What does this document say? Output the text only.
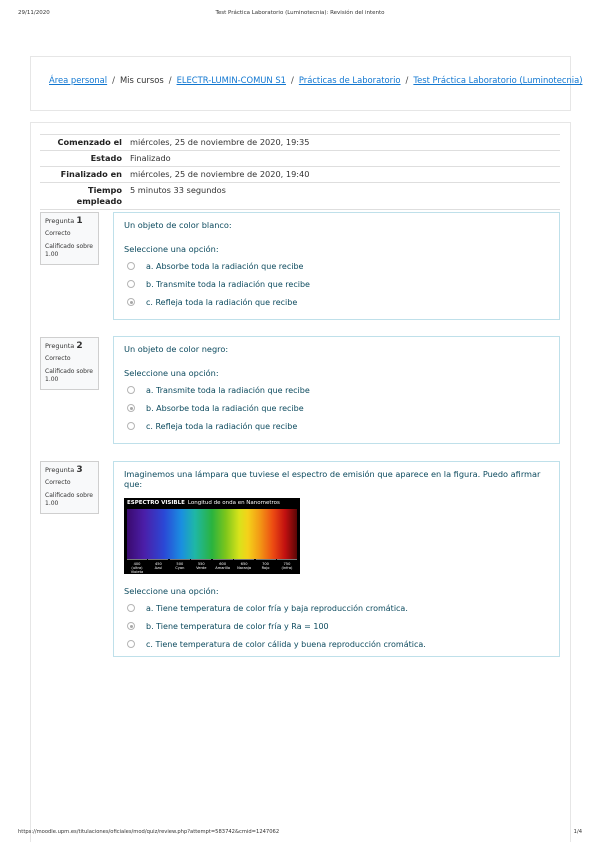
29/11/2020	Test Práctica Laboratorio (Luminotecnia): Revisión del intento
Área personal / Mis cursos / ELECTR-LUMIN-COMUN S1 / Prácticas de Laboratorio / Test Práctica Laboratorio (Luminotecnia)
Comenzado el	miércoles, 25 de noviembre de 2020, 19:35
Estado	Finalizado
Finalizado en	miércoles, 25 de noviembre de 2020, 19:40
Tiempo empleado	5 minutos 33 segundos
Pregunta 1
Correcto
Calificado sobre 1.00
Un objeto de color blanco:
Seleccione una opción:
a. Absorbe toda la radiación que recibe
b. Transmite toda la radiación que recibe
c. Refleja toda la radiación que recibe
Pregunta 2
Correcto
Calificado sobre 1.00
Un objeto de color negro:
Seleccione una opción:
a. Transmite toda la radiación que recibe
b. Absorbe toda la radiación que recibe
c. Refleja toda la radiación que recibe
Pregunta 3
Correcto
Calificado sobre 1.00
Imaginemos una lámpara que tuviese el espectro de emisión que aparece en la figura. Puedo afirmar que:
ESPECTRO VISIBLE Longitud de onda en Nanometros
400
(ultra) Violeta
450
Azul
500
Cyan
550
Verde
600
Amarillo
650
Naranja
700
Rojo
750
(infra)
Seleccione una opción:
a. Tiene temperatura de color fría y baja reproducción cromática.
b. Tiene temperatura de color fría y Ra = 100
c. Tiene temperatura de color cálida y buena reproducción cromática.
https://moodle.upm.es/titulaciones/oficiales/mod/quiz/review.php?attempt=583742&cmid=1247062	1/4
